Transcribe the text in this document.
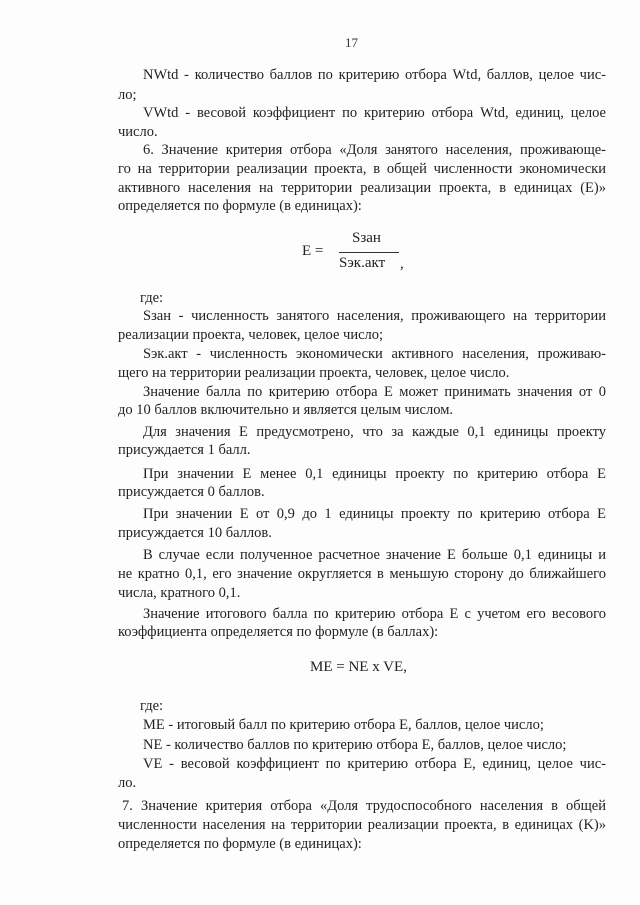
17
NWtd - количество баллов по критерию отбора Wtd, баллов, целое чис-
ло;
VWtd - весовой коэффициент по критерию отбора Wtd, единиц, целое
число.
6. Значение критерия отбора «Доля занятого населения, проживающе-
го на территории реализации проекта, в общей численности экономически
активного населения на территории реализации проекта, в единицах (E)»
определяется по формуле (в единицах):
E =
Sзан
Sэк.акт ,
где:
Sзан - численность занятого населения, проживающего на территории
реализации проекта, человек, целое число;
Sэк.акт - численность экономически активного населения, проживаю-
щего на территории реализации проекта, человек, целое число.
Значение балла по критерию отбора E может принимать значения от 0
до 10 баллов включительно и является целым числом.
Для значения E предусмотрено, что за каждые 0,1 единицы проекту
присуждается 1 балл.
При значении E менее 0,1 единицы проекту по критерию отбора E
присуждается 0 баллов.
При значении E от 0,9 до 1 единицы проекту по критерию отбора E
присуждается 10 баллов.
В случае если полученное расчетное значение E больше 0,1 единицы и
не кратно 0,1, его значение округляется в меньшую сторону до ближайшего
числа, кратного 0,1.
Значение итогового балла по критерию отбора E с учетом его весового
коэффициента определяется по формуле (в баллах):
ME = NE x VE,
где:
ME - итоговый балл по критерию отбора E, баллов, целое число;
NE - количество баллов по критерию отбора E, баллов, целое число;
VE - весовой коэффициент по критерию отбора E, единиц, целое чис-
ло.
7. Значение критерия отбора «Доля трудоспособного населения в общей
численности населения на территории реализации проекта, в единицах (K)»
определяется по формуле (в единицах):
